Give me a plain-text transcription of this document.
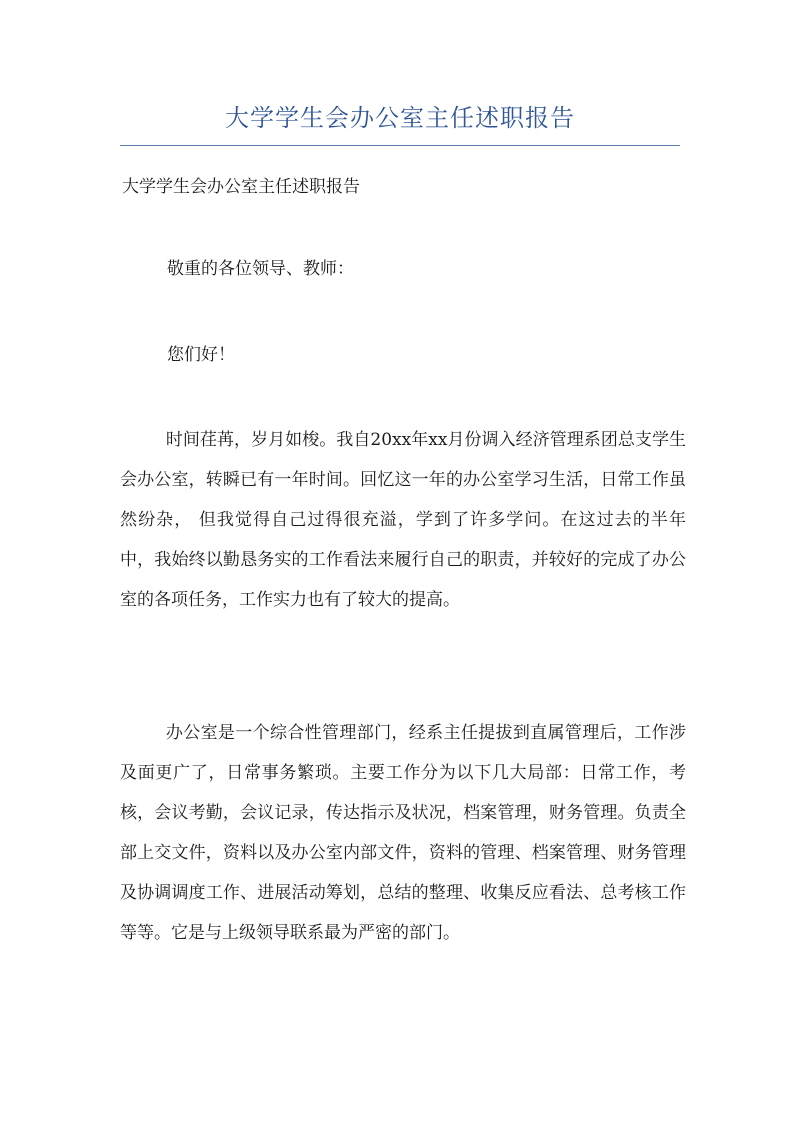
大学学生会办公室主任述职报告
大学学生会办公室主任述职报告
敬重的各位领导、教师：
您们好！

时间荏苒，岁月如梭。我自20xx年xx月份调入经济管理系团总支学生会办公室，转瞬已有一年时间。回忆这一年的办公室学习生活，日常工作虽然纷杂， 但我觉得自己过得很充溢，学到了许多学问。在这过去的半年中，我始终以勤恳务实的工作看法来履行自己的职责，并较好的完成了办公室的各项任务，工作实力也有了较大的提高。

办公室是一个综合性管理部门，经系主任提拔到直属管理后，工作涉及面更广了，日常事务繁琐。主要工作分为以下几大局部：日常工作，考核，会议考勤，会议记录，传达指示及状况，档案管理，财务管理。负责全部上交文件，资料以及办公室内部文件，资料的管理、档案管理、财务管理及协调调度工作、进展活动筹划，总结的整理、收集反应看法、总考核工作等等。它是与上级领导联系最为严密的部门。
